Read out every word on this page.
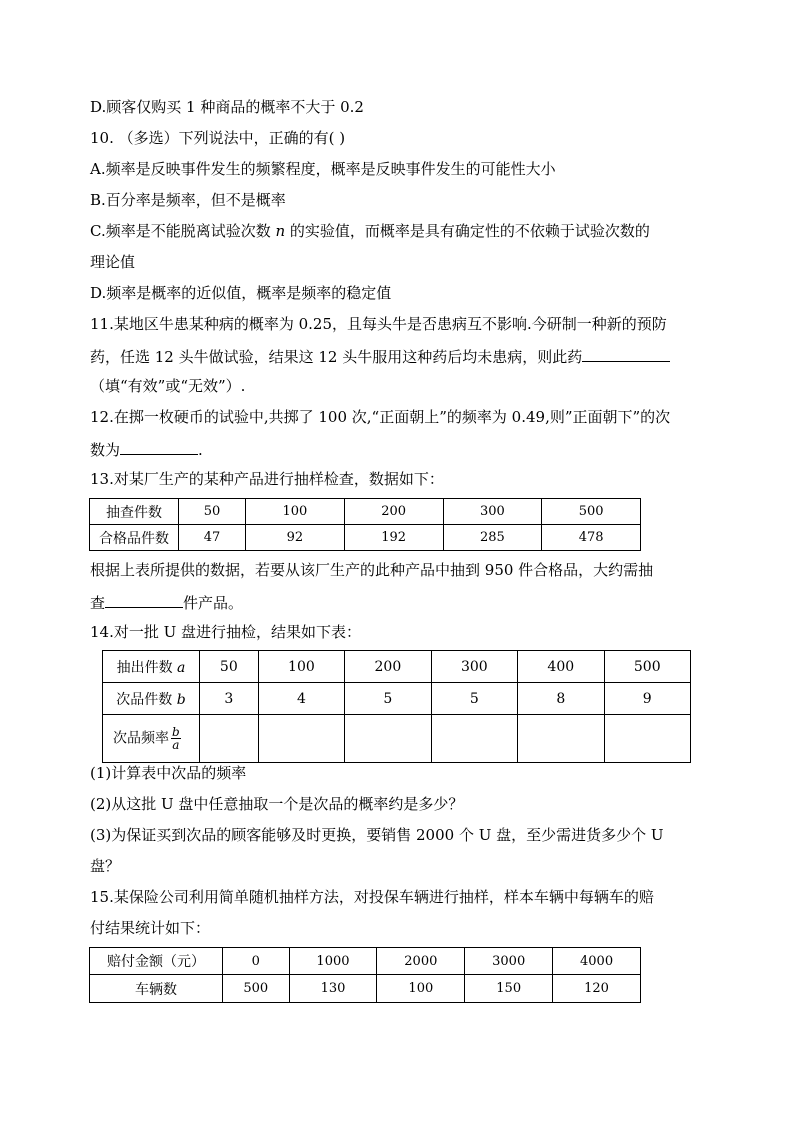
D.顾客仅购买 1 种商品的概率不大于 0.2
10. （多选）下列说法中，正确的有( )
A.频率是反映事件发生的频繁程度，概率是反映事件发生的可能性大小
B.百分率是频率，但不是概率
C.频率是不能脱离试验次数 n 的实验值，而概率是具有确定性的不依赖于试验次数的
理论值
D.频率是概率的近似值，概率是频率的稳定值
11.某地区牛患某种病的概率为 0.25，且每头牛是否患病互不影响.今研制一种新的预防
药，任选 12 头牛做试验，结果这 12 头牛服用这种药后均未患病，则此药
（填“有效”或“无效”）.
12.在掷一枚硬币的试验中,共掷了 100 次,“正面朝上”的频率为 0.49,则”正面朝下”的次
数为	.
13.对某厂生产的某种产品进行抽样检查，数据如下：
抽查件数	50	100	200	300	500
合格品件数	47	92	192	285	478
根据上表所提供的数据，若要从该厂生产的此种产品中抽到 950 件合格品，大约需抽
查	件产品。
14.对一批 U 盘进行抽检，结果如下表：
抽出件数 a	50	100	200	300	400	500
次品件数 b	3	4	5	5	8	9
次品频率 $\frac{b}{a}$

(1)计算表中次品的频率
(2)从这批 U 盘中任意抽取一个是次品的概率约是多少？
(3)为保证买到次品的顾客能够及时更换，要销售 2000 个 U 盘，至少需进货多少个 U
盘？
15.某保险公司利用简单随机抽样方法，对投保车辆进行抽样，样本车辆中每辆车的赔
付结果统计如下：
赔付金额（元）	0	1000	2000	3000	4000
车辆数	500	130	100	150	120
